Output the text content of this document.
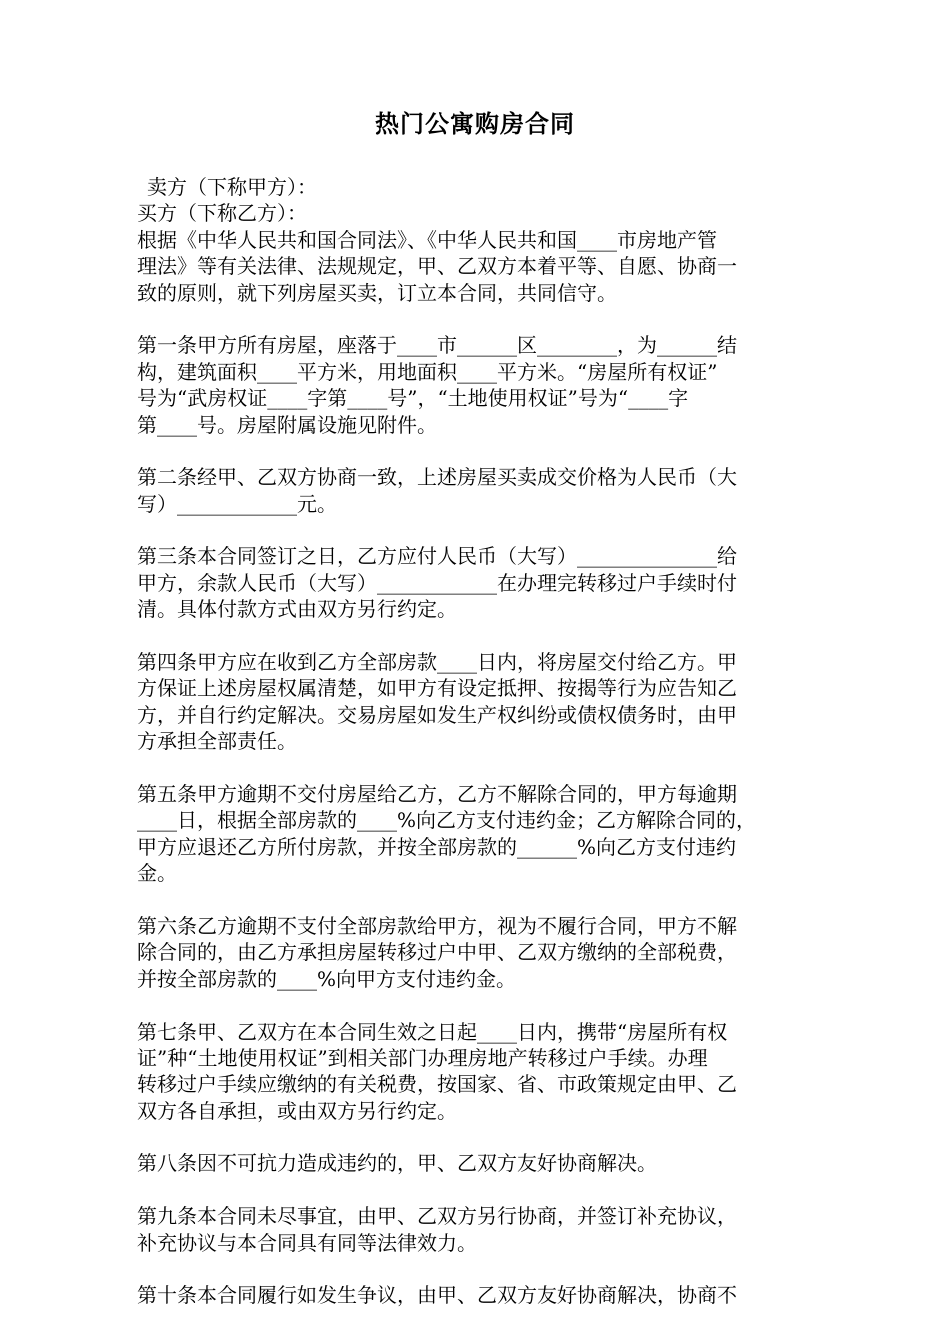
热门公寓购房合同
卖方（下称甲方）：
买方（下称乙方）：
根据《中华人民共和国合同法》、《中华人民共和国____市房地产管
理法》等有关法律、法规规定，甲、乙双方本着平等、自愿、协商一
致的原则，就下列房屋买卖，订立本合同，共同信守。
第一条甲方所有房屋，座落于____市______区________，为______结
构，建筑面积____平方米，用地面积____平方米。“房屋所有权证”
号为“武房权证____字第____号”，“土地使用权证”号为“____字
第____号。房屋附属设施见附件。
第二条经甲、乙双方协商一致，上述房屋买卖成交价格为人民币（大
写）____________元。
第三条本合同签订之日，乙方应付人民币（大写）______________给
甲方，余款人民币（大写）____________在办理完转移过户手续时付
清。具体付款方式由双方另行约定。
第四条甲方应在收到乙方全部房款____日内，将房屋交付给乙方。甲
方保证上述房屋权属清楚，如甲方有设定抵押、按揭等行为应告知乙
方，并自行约定解决。交易房屋如发生产权纠纷或债权债务时，由甲
方承担全部责任。
第五条甲方逾期不交付房屋给乙方，乙方不解除合同的，甲方每逾期
____日，根据全部房款的____%向乙方支付违约金；乙方解除合同的，
甲方应退还乙方所付房款，并按全部房款的______%向乙方支付违约
金。
第六条乙方逾期不支付全部房款给甲方，视为不履行合同，甲方不解
除合同的，由乙方承担房屋转移过户中甲、乙双方缴纳的全部税费，
并按全部房款的____%向甲方支付违约金。
第七条甲、乙双方在本合同生效之日起____日内，携带“房屋所有权
证”种“土地使用权证”到相关部门办理房地产转移过户手续。办理
转移过户手续应缴纳的有关税费，按国家、省、市政策规定由甲、乙
双方各自承担，或由双方另行约定。
第八条因不可抗力造成违约的，甲、乙双方友好协商解决。
第九条本合同未尽事宜，由甲、乙双方另行协商，并签订补充协议，
补充协议与本合同具有同等法律效力。
第十条本合同履行如发生争议，由甲、乙双方友好协商解决，协商不
